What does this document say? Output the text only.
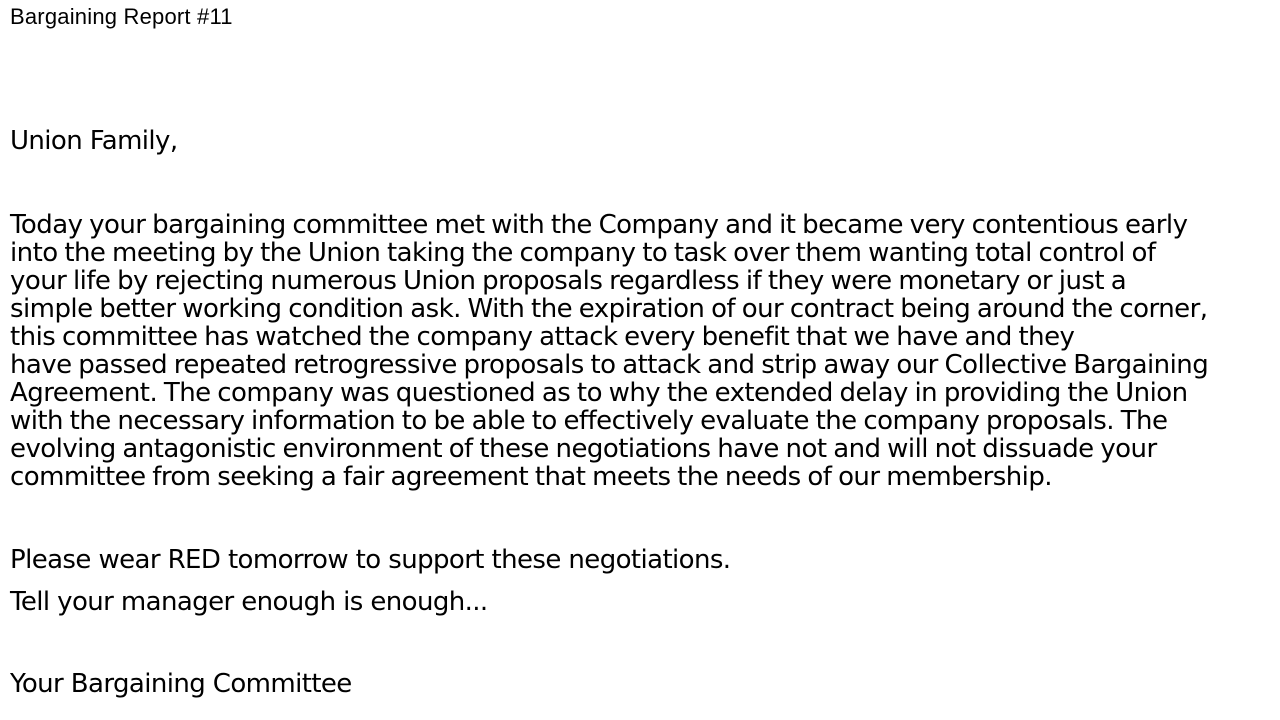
Bargaining Report #11
Union Family,
Today your bargaining committee met with the Company and it became very contentious early
into the meeting by the Union taking the company to task over them wanting total control of
your life by rejecting numerous Union proposals regardless if they were monetary or just a
simple better working condition ask. With the expiration of our contract being around the corner,
this committee has watched the company attack every benefit that we have and they
have passed repeated retrogressive proposals to attack and strip away our Collective Bargaining
Agreement. The company was questioned as to why the extended delay in providing the Union
with the necessary information to be able to effectively evaluate the company proposals. The
evolving antagonistic environment of these negotiations have not and will not dissuade your
committee from seeking a fair agreement that meets the needs of our membership.
Please wear RED tomorrow to support these negotiations.
Tell your manager enough is enough...
Your Bargaining Committee
